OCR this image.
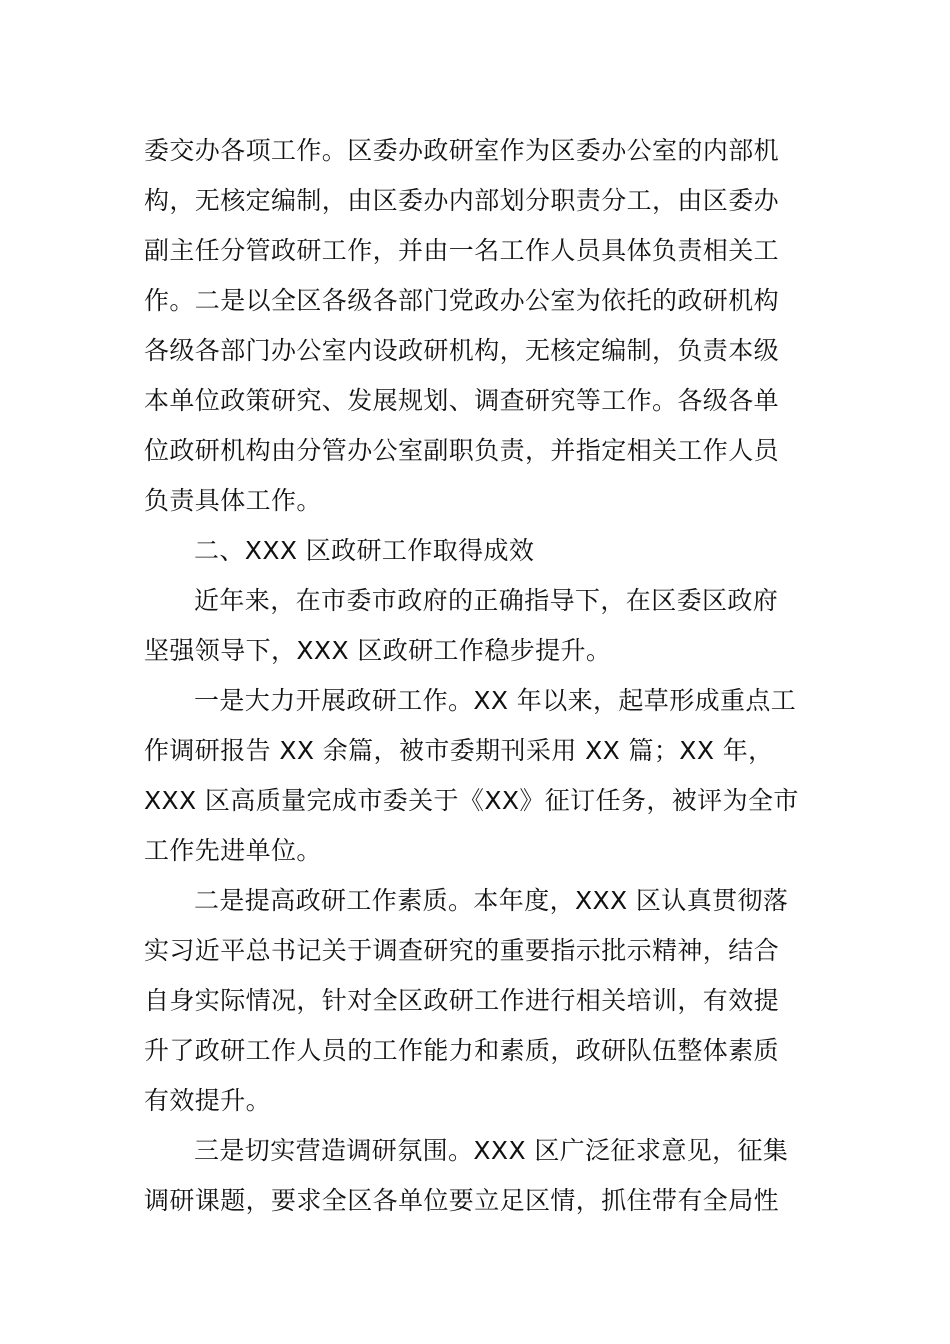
委交办各项工作。区委办政研室作为区委办公室的内部机
构，无核定编制，由区委办内部划分职责分工，由区委办
副主任分管政研工作，并由一名工作人员具体负责相关工
作。二是以全区各级各部门党政办公室为依托的政研机构
各级各部门办公室内设政研机构，无核定编制，负责本级
本单位政策研究、发展规划、调查研究等工作。各级各单
位政研机构由分管办公室副职负责，并指定相关工作人员
负责具体工作。
二、XXX 区政研工作取得成效
近年来，在市委市政府的正确指导下，在区委区政府
坚强领导下，XXX 区政研工作稳步提升。
一是大力开展政研工作。XX 年以来，起草形成重点工
作调研报告 XX 余篇，被市委期刊采用 XX 篇；XX 年，
XXX 区高质量完成市委关于《XX》征订任务，被评为全市
工作先进单位。
二是提高政研工作素质。本年度，XXX 区认真贯彻落
实习近平总书记关于调查研究的重要指示批示精神，结合
自身实际情况，针对全区政研工作进行相关培训，有效提
升了政研工作人员的工作能力和素质，政研队伍整体素质
有效提升。
三是切实营造调研氛围。XXX 区广泛征求意见，征集
调研课题，要求全区各单位要立足区情，抓住带有全局性
